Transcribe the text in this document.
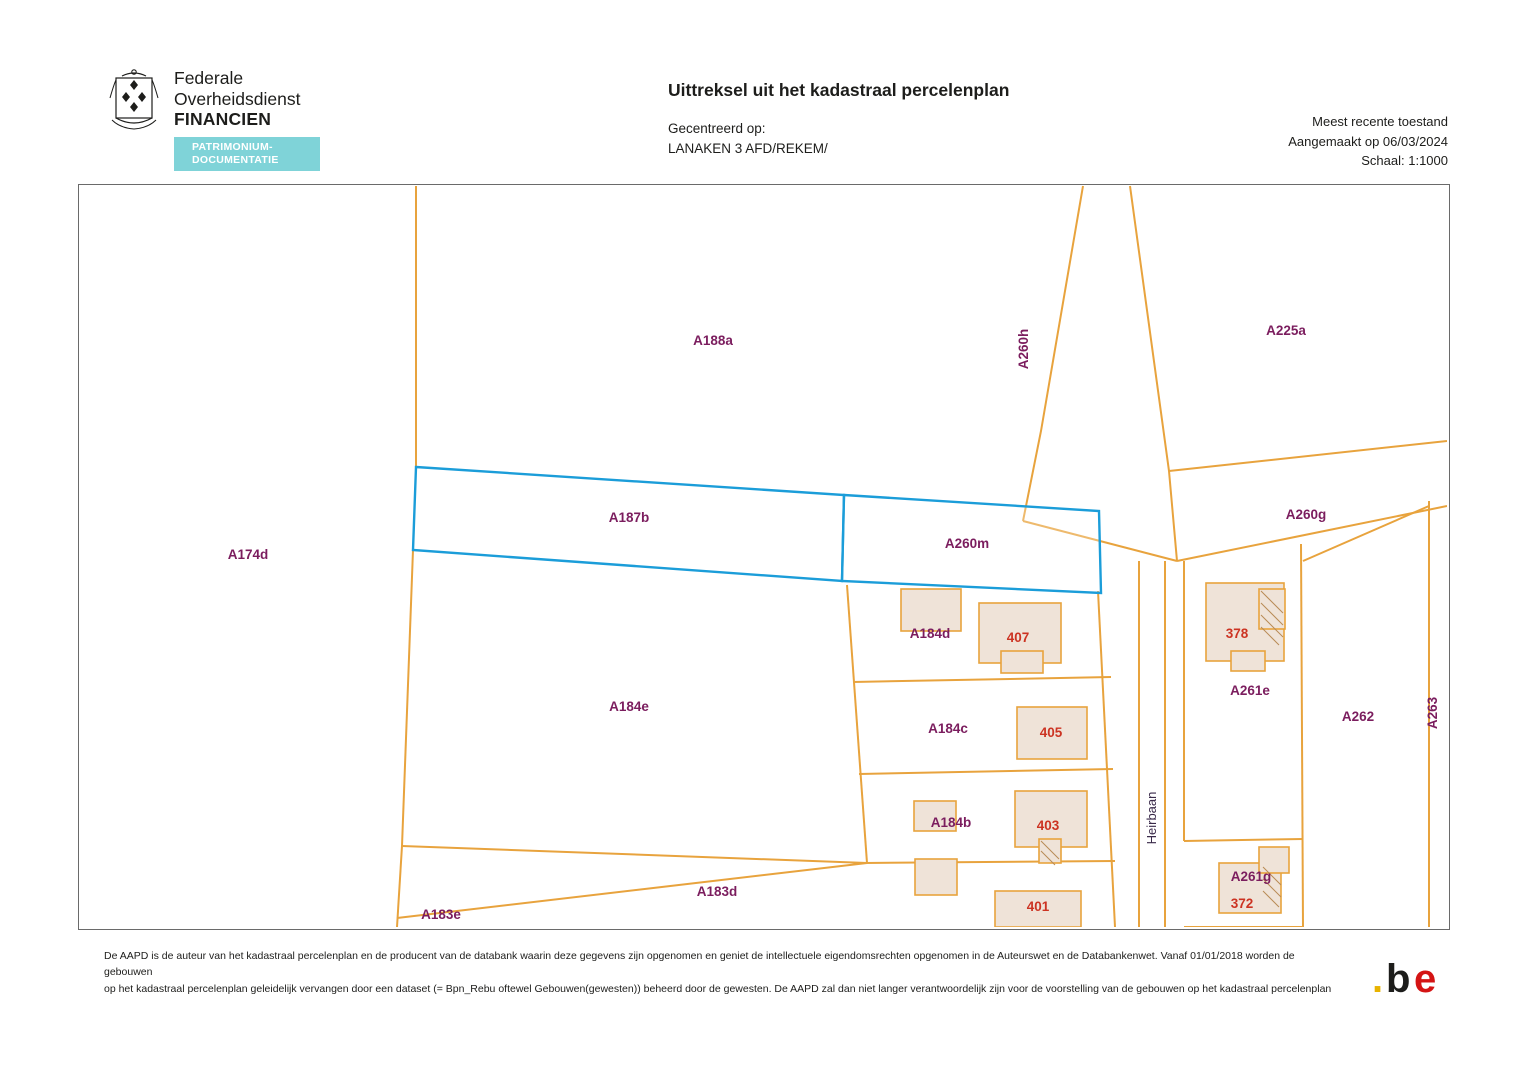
Federale
Overheidsdienst
FINANCIEN
PATRIMONIUM-
DOCUMENTATIE
Uittreksel uit het kadastraal percelenplan
Gecentreerd op:
LANAKEN 3 AFD/REKEM/
Meest recente toestand
Aangemaakt op 06/03/2024
Schaal: 1:1000
A188a
A225a
A260h
A174d
A187b
A260m
A260g
A184d
A261e
A262	A263
A184e
A184c
A184b
A261g
A183d
A183e
407	378
405
403
372
401
Heirbaan
De AAPD is de auteur van het kadastraal percelenplan en de producent van de databank waarin deze gegevens zijn opgenomen en geniet de intellectuele eigendomsrechten opgenomen in de Auteurswet en de Databankenwet. Vanaf 01/01/2018 worden de gebouwen
op het kadastraal percelenplan geleidelijk vervangen door een dataset (= Bpn_Rebu oftewel Gebouwen(gewesten)) beheerd door de gewesten. De AAPD zal dan niet langer verantwoordelijk zijn voor de voorstelling van de gebouwen op het kadastraal percelenplan	. b e
